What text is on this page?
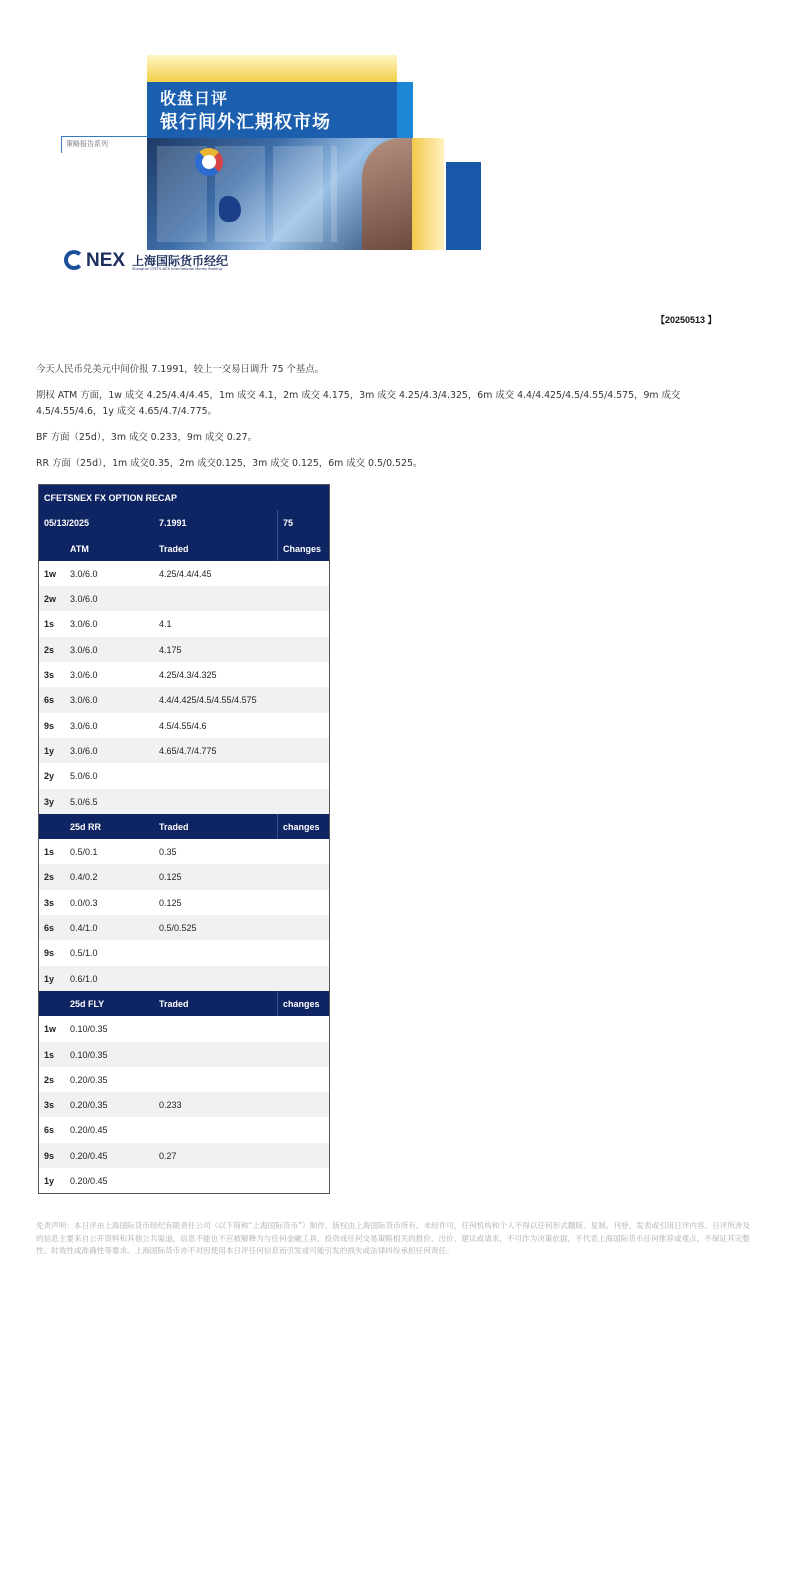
收盘日评
银行间外汇期权市场
策略报告系列
NEX 上海国际货币经纪
Shanghai CFETS-NEX International Money Broking
【20250513 】
今天人民币兑美元中间价报 7.1991，较上一交易日调升 75 个基点。
期权 ATM 方面，1w 成交 4.25/4.4/4.45，1m 成交 4.1，2m 成交 4.175，3m 成交 4.25/4.3/4.325，6m 成交 4.4/4.425/4.5/4.55/4.575，9m 成交 4.5/4.55/4.6，1y 成交 4.65/4.7/4.775。
BF 方面（25d），3m 成交 0.233，9m 成交 0.27。
RR 方面（25d），1m 成交0.35，2m 成交0.125，3m 成交 0.125，6m 成交 0.5/0.525。
CFETSNEX FX OPTION RECAP
05/13/2025	7.1991	75
ATM	Traded	Changes
1w 3.0/6.0	4.25/4.4/4.45
2w 3.0/6.0
1s 3.0/6.0	4.1
2s 3.0/6.0	4.175
3s 3.0/6.0	4.25/4.3/4.325
6s 3.0/6.0	4.4/4.425/4.5/4.55/4.575
9s 3.0/6.0	4.5/4.55/4.6
1y 3.0/6.0	4.65/4.7/4.775
2y 5.0/6.0
3y 5.0/6.5
25d RR	Traded	changes
1s 0.5/0.1	0.35
2s 0.4/0.2	0.125
3s 0.0/0.3	0.125
6s 0.4/1.0	0.5/0.525
9s 0.5/1.0
1y 0.6/1.0
25d FLY	Traded	changes
1w 0.10/0.35
1s 0.10/0.35
2s 0.20/0.35
3s 0.20/0.35	0.233
6s 0.20/0.45
9s 0.20/0.45	0.27
1y 0.20/0.45
免责声明：本日评由上海国际货币经纪有限责任公司（以下简称“上海国际货币”）制作，版权由上海国际货币所有。未经许可，任何机构和个人不得以任何形式翻版、复制、刊登、发表或引用日评内容。日评所涉及的信息主要来自公开资料和其他公共渠道，信息不能也不应被解释为与任何金融工具、投资或任何交易策略相关的报价、出价、建议或请求，不可作为决策依据，不代表上海国际货币任何推荐或观点，不保证其完整性、时效性或准确性等要求。上海国际货币亦不对因使用本日评任何信息而引发或可能引发的损失或法律纠纷承担任何责任。
